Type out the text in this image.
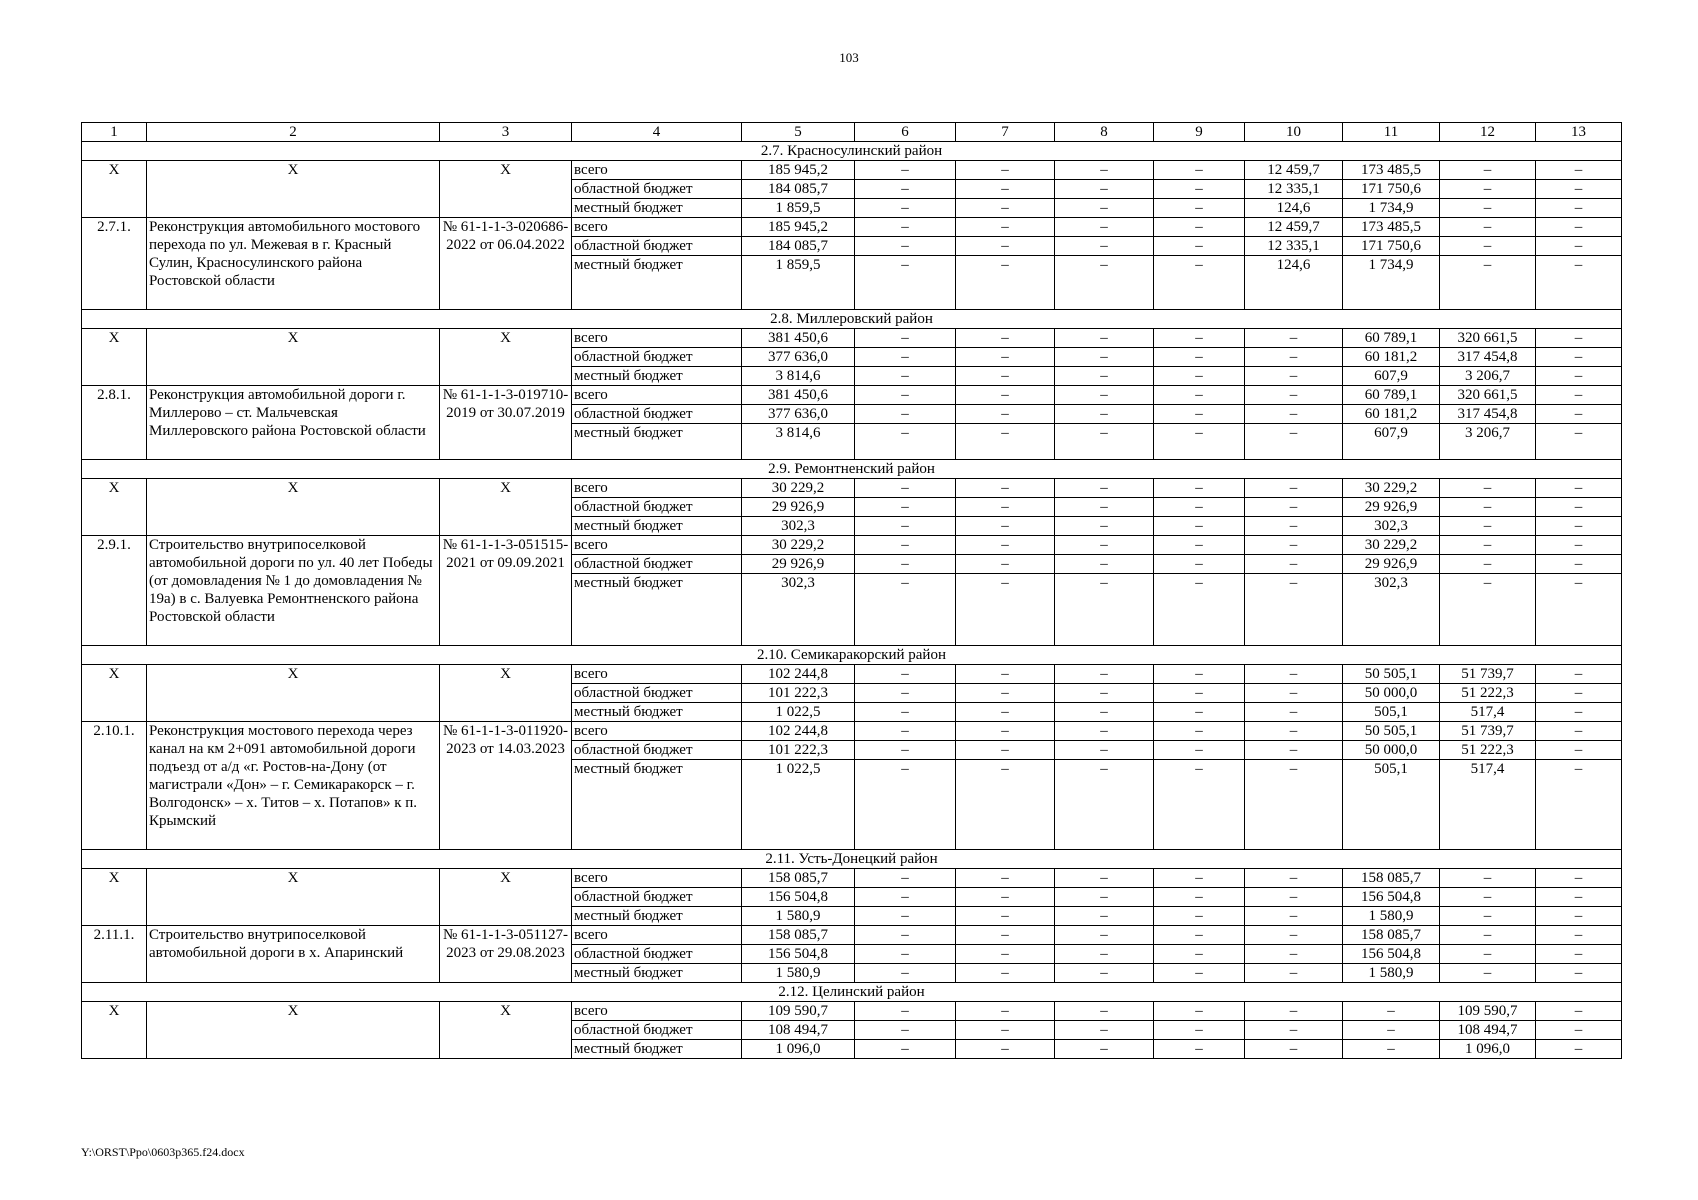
103
1	2	3	4	5	6	7	8	9	10	11	12	13
2.7. Красносулинский район												
X	X	X	всего	185 945,2	–	–	–	–	12 459,7	173 485,5	–	–
			областной бюджет	184 085,7	–	–	–	–	12 335,1	171 750,6	–	–
			местный бюджет	1 859,5	–	–	–	–	124,6	1 734,9	–	–
2.7.1.	Реконструкция автомобильного мостового перехода по ул. Межевая в г. Красный Сулин, Красносулинского района Ростовской области	№ 61-1-1-3-020686-2022 от 06.04.2022	всего	185 945,2	–	–	–	–	12 459,7	173 485,5	–	–
			областной бюджет	184 085,7	–	–	–	–	12 335,1	171 750,6	–	–
			местный бюджет	1 859,5	–	–	–	–	124,6	1 734,9	–	–
2.8. Миллеровский район												
X	X	X	всего	381 450,6	–	–	–	–	–	60 789,1	320 661,5	–
			областной бюджет	377 636,0	–	–	–	–	–	60 181,2	317 454,8	–
			местный бюджет	3 814,6	–	–	–	–	–	607,9	3 206,7	–
2.8.1.	Реконструкция автомобильной дороги г. Миллерово – ст. Мальчевская Миллеровского района Ростовской области	№ 61-1-1-3-019710-2019 от 30.07.2019	всего	381 450,6	–	–	–	–	–	60 789,1	320 661,5	–
			областной бюджет	377 636,0	–	–	–	–	–	60 181,2	317 454,8	–
			местный бюджет	3 814,6	–	–	–	–	–	607,9	3 206,7	–
2.9. Ремонтненский район												
X	X	X	всего	30 229,2	–	–	–	–	–	30 229,2	–	–
			областной бюджет	29 926,9	–	–	–	–	–	29 926,9	–	–
			местный бюджет	302,3	–	–	–	–	–	302,3	–	–
2.9.1.	Строительство внутрипоселковой автомобильной дороги по ул. 40 лет Победы (от домовладения № 1 до домовладения № 19а) в с. Валуевка Ремонтненского района Ростовской области	№ 61-1-1-3-051515-2021 от 09.09.2021	всего	30 229,2	–	–	–	–	–	30 229,2	–	–
			областной бюджет	29 926,9	–	–	–	–	–	29 926,9	–	–
			местный бюджет	302,3	–	–	–	–	–	302,3	–	–
2.10. Семикаракорский район												
X	X	X	всего	102 244,8	–	–	–	–	–	50 505,1	51 739,7	–
			областной бюджет	101 222,3	–	–	–	–	–	50 000,0	51 222,3	–
			местный бюджет	1 022,5	–	–	–	–	–	505,1	517,4	–
2.10.1.	Реконструкция мостового перехода через канал на км 2+091 автомобильной дороги подъезд от а/д «г. Ростов-на-Дону (от магистрали «Дон» – г. Семикаракорск – г. Волгодонск» – х. Титов – х. Потапов» к п. Крымский	№ 61-1-1-3-011920-2023 от 14.03.2023	всего	102 244,8	–	–	–	–	–	50 505,1	51 739,7	–
			областной бюджет	101 222,3	–	–	–	–	–	50 000,0	51 222,3	–
			местный бюджет	1 022,5	–	–	–	–	–	505,1	517,4	–
2.11. Усть-Донецкий район												
X	X	X	всего	158 085,7	–	–	–	–	–	158 085,7	–	–
			областной бюджет	156 504,8	–	–	–	–	–	156 504,8	–	–
			местный бюджет	1 580,9	–	–	–	–	–	1 580,9	–	–
2.11.1.	Строительство внутрипоселковой автомобильной дороги в х. Апаринский	№ 61-1-1-3-051127-2023 от 29.08.2023	всего	158 085,7	–	–	–	–	–	158 085,7	–	–
			областной бюджет	156 504,8	–	–	–	–	–	156 504,8	–	–
			местный бюджет	1 580,9	–	–	–	–	–	1 580,9	–	–
2.12. Целинский район												
X	X	X	всего	109 590,7	–	–	–	–	–	–	109 590,7	–
			областной бюджет	108 494,7	–	–	–	–	–	–	108 494,7	–
			местный бюджет	1 096,0	–	–	–	–	–	–	1 096,0	–
Y:\ORST\Ppo\0603p365.f24.docx
